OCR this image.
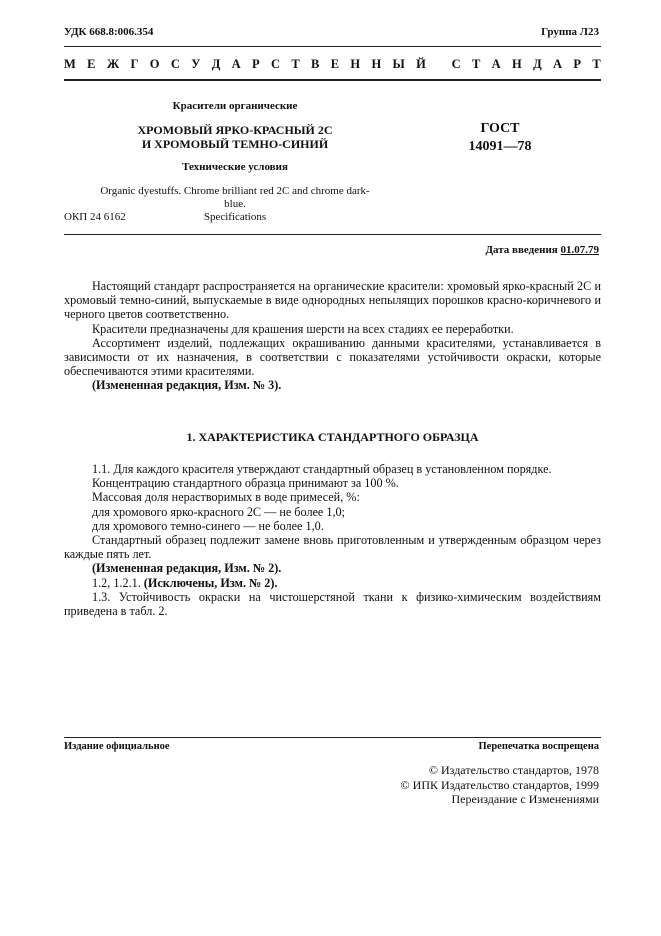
УДК 668.8:006.354	Группа Л23
М Е Ж Г О С У Д А Р С Т В Е Н Н Ы Й
С Т А Н Д А Р Т
Красители органические
ХРОМОВЫЙ ЯРКО-КРАСНЫЙ 2С
И ХРОМОВЫЙ ТЕМНО-СИНИЙ
Технические условия
ГОСТ
14091—78
Organic dyestuffs. Chrome brilliant red 2C and chrome dark-blue.
Specifications
ОКП 24 6162
Дата введения 01.07.79

Настоящий стандарт распространяется на органические красители: хромовый ярко-красный 2С и хромовый темно-синий, выпускаемые в виде однородных непылящих порошков красно-коричневого и черного цветов соответственно.

Красители предназначены для крашения шерсти на всех стадиях ее переработки.

Ассортимент изделий, подлежащих окрашиванию данными красителями, устанавливается в зависимости от их назначения, в соответствии с показателями устойчивости окраски, которые обеспечиваются этими красителями.

(Измененная редакция, Изм. № 3).

1. ХАРАКТЕРИСТИКА СТАНДАРТНОГО ОБРАЗЦА

1.1. Для каждого красителя утверждают стандартный образец в установленном порядке.

Концентрацию стандартного образца принимают за 100 %.

Массовая доля нерастворимых в воде примесей, %:

для хромового ярко-красного 2С — не более 1,0;

для хромового темно-синего — не более 1,0.

Стандартный образец подлежит замене вновь приготовленным и утвержденным образцом через каждые пять лет.

(Измененная редакция, Изм. № 2).

1.2, 1.2.1. (Исключены, Изм. № 2).

1.3. Устойчивость окраски на чистошерстяной ткани к физико-химическим воздействиям приведена в табл. 2.

Издание официальное	Перепечатка воспрещена
© Издательство стандартов, 1978
© ИПК Издательство стандартов, 1999
Переиздание с Изменениями
